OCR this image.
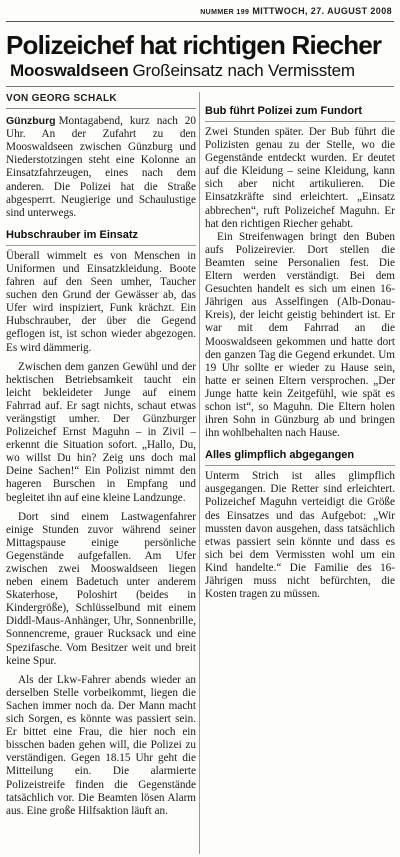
NUMMER 199 MITTWOCH, 27. AUGUST 2008
Polizeichef hat richtigen Riecher
Mooswaldseen Großeinsatz nach Vermisstem
VON GEORG SCHALK

Günzburg Montagabend, kurz nach 20 Uhr. An der Zufahrt zu den Mooswaldseen zwischen Günzburg und Niederstotzingen steht eine Kolonne an Einsatzfahrzeugen, eines nach dem anderen. Die Polizei hat die Straße abgesperrt. Neugierige und Schaulustige sind unterwegs.

Hubschrauber im Einsatz

Überall wimmelt es von Menschen in Uniformen und Einsatzkleidung. Boote fahren auf den Seen umher, Taucher suchen den Grund der Gewässer ab, das Ufer wird inspiziert, Funk krächzt. Ein Hubschrauber, der über die Gegend geflogen ist, ist schon wieder abgezogen. Es wird dämmerig.

Zwischen dem ganzen Gewühl und der hektischen Betriebsamkeit taucht ein leicht bekleideter Junge auf einem Fahrrad auf. Er sagt nichts, schaut etwas verängstigt umher. Der Günzburger Polizeichef Ernst Maguhn – in Zivil – erkennt die Situation sofort. „Hallo, Du, wo willst Du hin? Zeig uns doch mal Deine Sachen!“ Ein Polizist nimmt den hageren Burschen in Empfang und begleitet ihn auf eine kleine Landzunge.

Dort sind einem Lastwagenfahrer einige Stunden zuvor während seiner Mittagspause einige persönliche Gegenstände aufgefallen. Am Ufer zwischen zwei Mooswaldseen liegen neben einem Badetuch unter anderem Skaterhose, Poloshirt (beides in Kindergröße), Schlüsselbund mit einem Diddl-Maus-Anhänger, Uhr, Sonnenbrille, Sonnencreme, grauer Rucksack und eine Spezifasche. Vom Besitzer weit und breit keine Spur.

Als der Lkw-Fahrer abends wieder an derselben Stelle vorbeikommt, liegen die Sachen immer noch da. Der Mann macht sich Sorgen, es könnte was passiert sein. Er bittet eine Frau, die hier noch ein bisschen baden gehen will, die Polizei zu verständigen. Gegen 18.15 Uhr geht die Mitteilung ein. Die alarmierte Polizeistreife finden die Gegenstände tatsächlich vor. Die Beamten lösen Alarm aus. Eine große Hilfsaktion läuft an.

Bub führt Polizei zum Fundort

Zwei Stunden später. Der Bub führt die Polizisten genau zu der Stelle, wo die Gegenstände entdeckt wurden. Er deutet auf die Kleidung – seine Kleidung, kann sich aber nicht artikulieren. Die Einsatzkräfte sind erleichtert. „Einsatz abbrechen“, ruft Polizeichef Maguhn. Er hat den richtigen Riecher gehabt.

Ein Streifenwagen bringt den Buben aufs Polizeirevier. Dort stellen die Beamten seine Personalien fest. Die Eltern werden verständigt. Bei dem Gesuchten handelt es sich um einen 16-Jährigen aus Asselfingen (Alb-Donau-Kreis), der leicht geistig behindert ist. Er war mit dem Fahrrad an die Mooswaldseen gekommen und hatte dort den ganzen Tag die Gegend erkundet. Um 19 Uhr sollte er wieder zu Hause sein, hatte er seinen Eltern versprochen. „Der Junge hatte kein Zeitgefühl, wie spät es schon ist“, so Maguhn. Die Eltern holen ihren Sohn in Günzburg ab und bringen ihn wohlbehalten nach Hause.

Alles glimpflich abgegangen

Unterm Strich ist alles glimpflich ausgegangen. Die Retter sind erleichtert. Polizeichef Maguhn verteidigt die Größe des Einsatzes und das Aufgebot: „Wir mussten davon ausgehen, dass tatsächlich etwas passiert sein könnte und dass es sich bei dem Vermissten wohl um ein Kind handelte.“ Die Familie des 16-Jährigen muss nicht befürchten, die Kosten tragen zu müssen.
